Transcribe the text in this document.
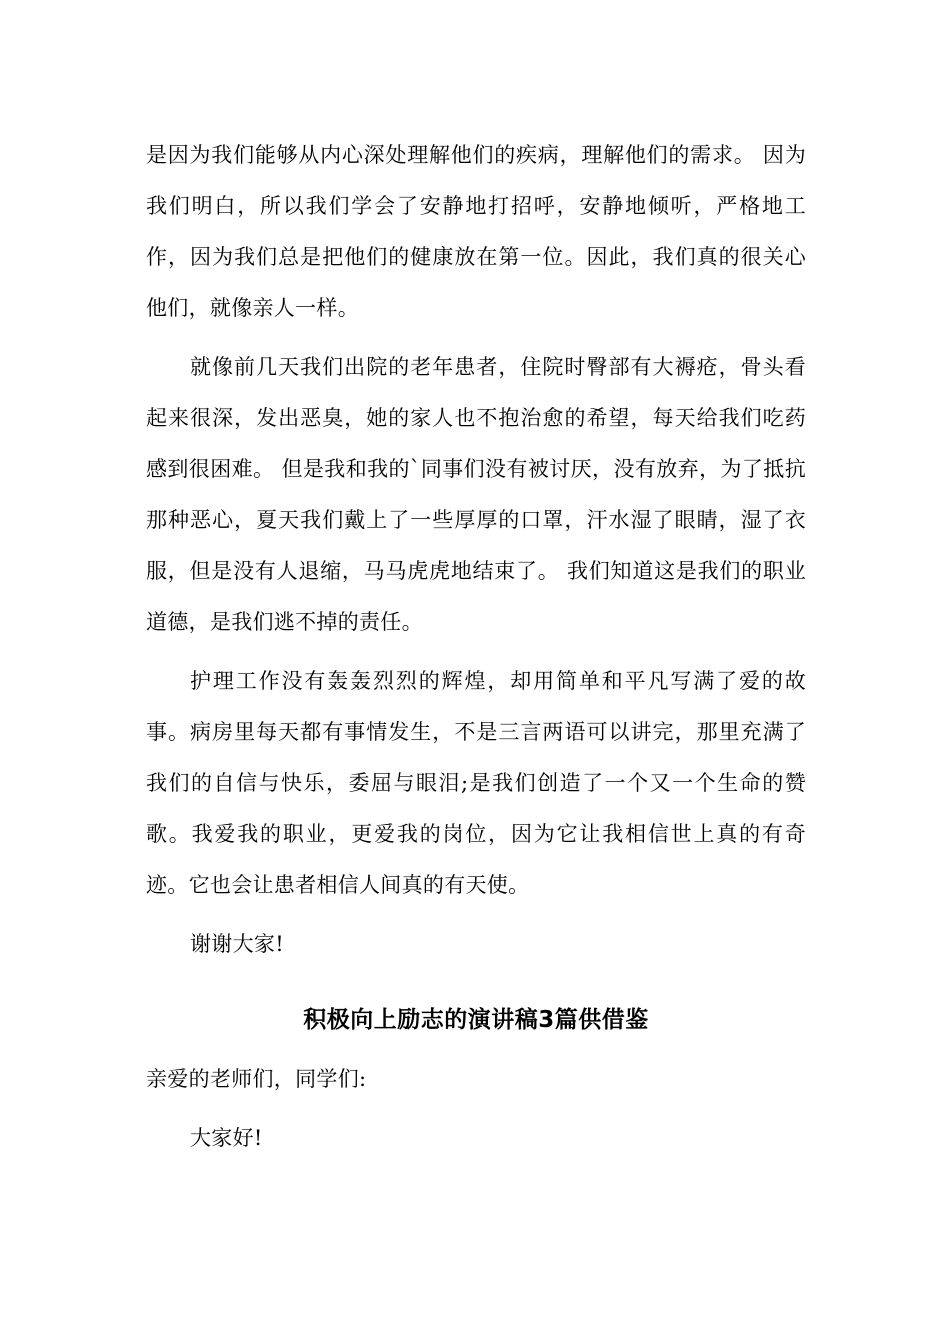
是因为我们能够从内心深处理解他们的疾病，理解他们的需求。 因为我们明白，所以我们学会了安静地打招呼，安静地倾听，严格地工作，因为我们总是把他们的健康放在第一位。因此，我们真的很关心他们，就像亲人一样。

就像前几天我们出院的老年患者，住院时臀部有大褥疮，骨头看起来很深，发出恶臭，她的家人也不抱治愈的希望，每天给我们吃药感到很困难。 但是我和我的`同事们没有被讨厌，没有放弃，为了抵抗那种恶心，夏天我们戴上了一些厚厚的口罩，汗水湿了眼睛，湿了衣服，但是没有人退缩，马马虎虎地结束了。 我们知道这是我们的职业道德，是我们逃不掉的责任。

护理工作没有轰轰烈烈的辉煌，却用简单和平凡写满了爱的故事。病房里每天都有事情发生，不是三言两语可以讲完，那里充满了我们的自信与快乐，委屈与眼泪;是我们创造了一个又一个生命的赞歌。我爱我的职业，更爱我的岗位，因为它让我相信世上真的有奇迹。它也会让患者相信人间真的有天使。

谢谢大家!

积极向上励志的演讲稿3篇供借鉴

亲爱的老师们，同学们:

大家好!
